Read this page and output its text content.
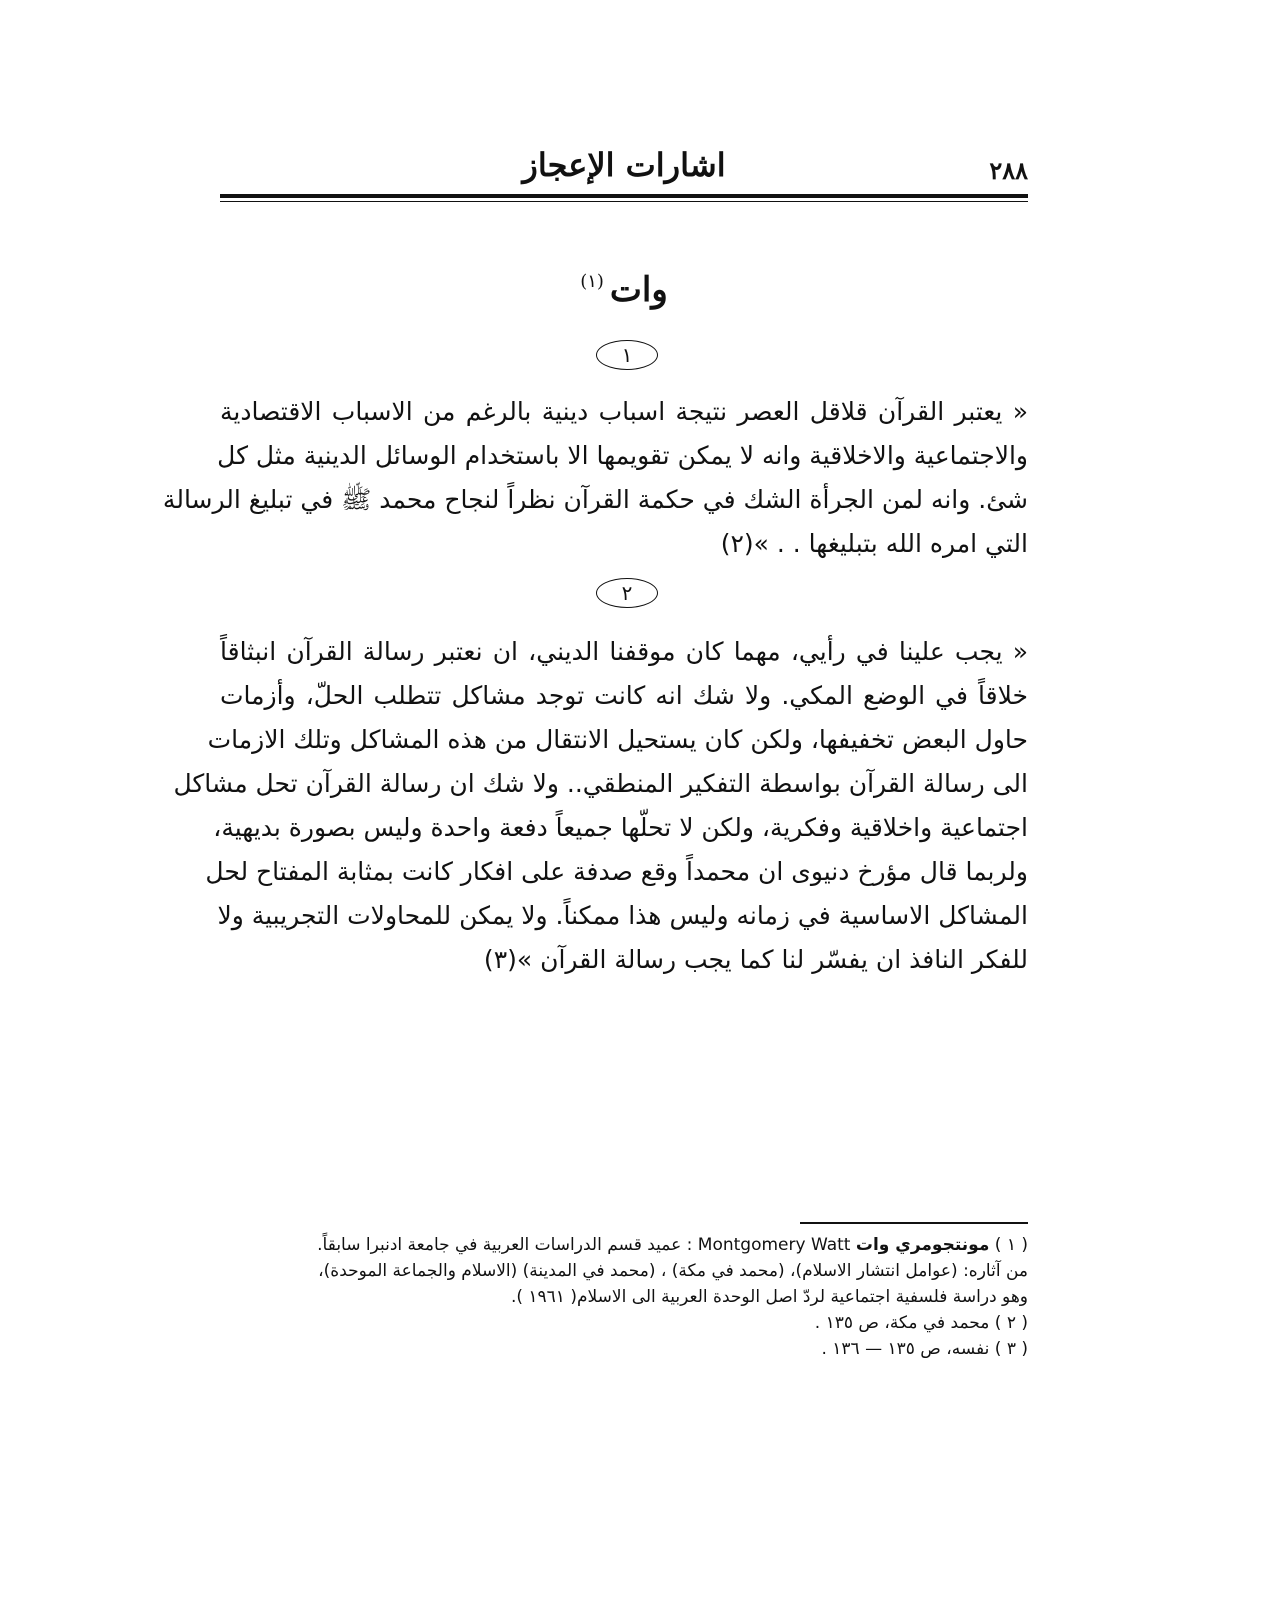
اشارات الإعجاز	٢٨٨
وات$^{(١)}$
١
« يعتبر القرآن قلاقل العصر نتيجة اسباب دينية بالرغم من الاسباب الاقتصادية
والاجتماعية والاخلاقية وانه لا يمكن تقويمها الا باستخدام الوسائل الدينية مثل كل
شئ. وانه لمن الجرأة الشك في حكمة القرآن نظراً لنجاح محمد ﷺ في تبليغ الرسالة
التي امره الله بتبليغها . . »(٢)
٢
« يجب علينا في رأيي، مهما كان موقفنا الديني، ان نعتبر رسالة القرآن انبثاقاً
خلاقاً في الوضع المكي. ولا شك انه كانت توجد مشاكل تتطلب الحلّ، وأزمات
حاول البعض تخفيفها، ولكن كان يستحيل الانتقال من هذه المشاكل وتلك الازمات
الى رسالة القرآن بواسطة التفكير المنطقي.. ولا شك ان رسالة القرآن تحل مشاكل
اجتماعية واخلاقية وفكرية، ولكن لا تحلّها جميعاً دفعة واحدة وليس بصورة بديهية،
ولربما قال مؤرخ دنيوى ان محمداً وقع صدفة على افكار كانت بمثابة المفتاح لحل
المشاكل الاساسية في زمانه وليس هذا ممكناً. ولا يمكن للمحاولات التجريبية ولا
للفكر النافذ ان يفسّر لنا كما يجب رسالة القرآن »(٣)
( ١ ) مونتجومري وات Montgomery Watt : عميد قسم الدراسات العربية في جامعة ادنبرا سابقاً.
من آثاره: (عوامل انتشار الاسلام)، (محمد في مكة) ، (محمد في المدينة) (الاسلام والجماعة الموحدة)،
وهو دراسة فلسفية اجتماعية لردّ اصل الوحدة العربية الى الاسلام( ١٩٦١ ).
( ٢ ) محمد في مكة، ص ١٣٥ .
( ٣ ) نفسه، ص ١٣٥ — ١٣٦ .
